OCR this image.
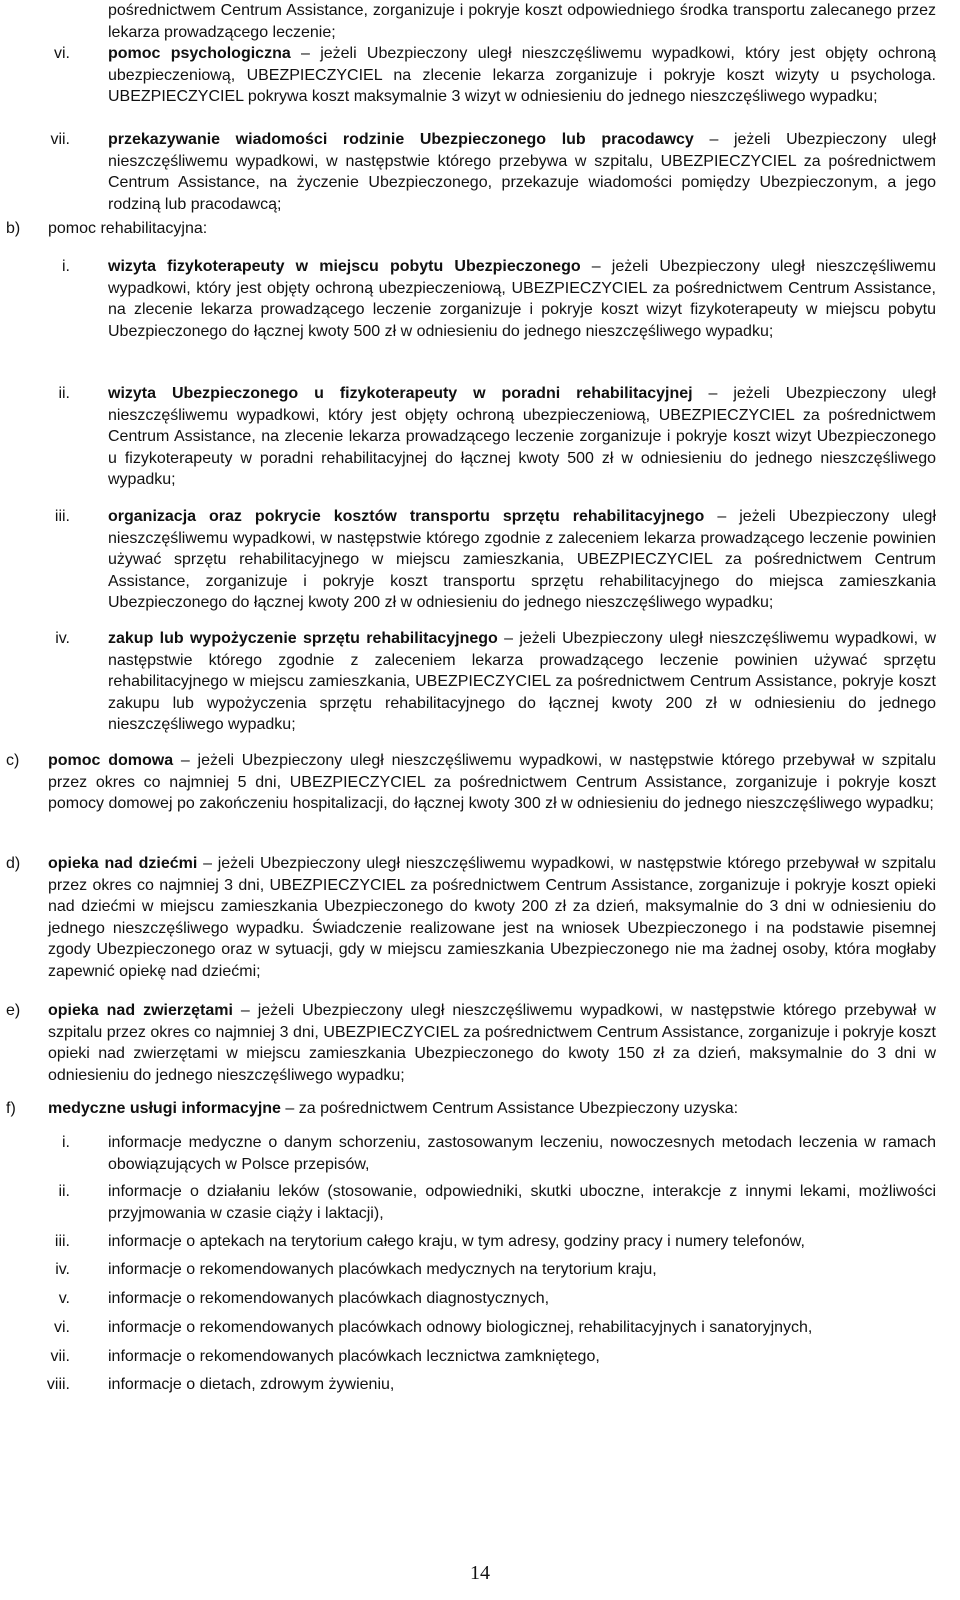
pośrednictwem Centrum Assistance, zorganizuje i pokryje koszt odpowiedniego środka transportu zalecanego przez lekarza prowadzącego leczenie;

vi. pomoc psychologiczna – jeżeli Ubezpieczony uległ nieszczęśliwemu wypadkowi, który jest objęty ochroną ubezpieczeniową, UBEZPIECZYCIEL na zlecenie lekarza zorganizuje i pokryje koszt wizyty u psychologa. UBEZPIECZYCIEL pokrywa koszt maksymalnie 3 wizyt w odniesieniu do jednego nieszczęśliwego wypadku;

vii. przekazywanie wiadomości rodzinie Ubezpieczonego lub pracodawcy – jeżeli Ubezpieczony uległ nieszczęśliwemu wypadkowi, w następstwie którego przebywa w szpitalu, UBEZPIECZYCIEL za pośrednictwem Centrum Assistance, na życzenie Ubezpieczonego, przekazuje wiadomości pomiędzy Ubezpieczonym, a jego rodziną lub pracodawcą;

b)	pomoc rehabilitacyjna:

i. wizyta fizykoterapeuty w miejscu pobytu Ubezpieczonego – jeżeli Ubezpieczony uległ nieszczęśliwemu wypadkowi, który jest objęty ochroną ubezpieczeniową, UBEZPIECZYCIEL za pośrednictwem Centrum Assistance, na zlecenie lekarza prowadzącego leczenie zorganizuje i pokryje koszt wizyt fizykoterapeuty w miejscu pobytu Ubezpieczonego do łącznej kwoty 500 zł w odniesieniu do jednego nieszczęśliwego wypadku;

ii. wizyta Ubezpieczonego u fizykoterapeuty w poradni rehabilitacyjnej – jeżeli Ubezpieczony uległ nieszczęśliwemu wypadkowi, który jest objęty ochroną ubezpieczeniową, UBEZPIECZYCIEL za pośrednictwem Centrum Assistance, na zlecenie lekarza prowadzącego leczenie zorganizuje i pokryje koszt wizyt Ubezpieczonego u fizykoterapeuty w poradni rehabilitacyjnej do łącznej kwoty 500 zł w odniesieniu do jednego nieszczęśliwego wypadku;

iii. organizacja oraz pokrycie kosztów transportu sprzętu rehabilitacyjnego – jeżeli Ubezpieczony uległ nieszczęśliwemu wypadkowi, w następstwie którego zgodnie z zaleceniem lekarza prowadzącego leczenie powinien używać sprzętu rehabilitacyjnego w miejscu zamieszkania, UBEZPIECZYCIEL za pośrednictwem Centrum Assistance, zorganizuje i pokryje koszt transportu sprzętu rehabilitacyjnego do miejsca zamieszkania Ubezpieczonego do łącznej kwoty 200 zł w odniesieniu do jednego nieszczęśliwego wypadku;

iv. zakup lub wypożyczenie sprzętu rehabilitacyjnego – jeżeli Ubezpieczony uległ nieszczęśliwemu wypadkowi, w następstwie którego zgodnie z zaleceniem lekarza prowadzącego leczenie powinien używać sprzętu rehabilitacyjnego w miejscu zamieszkania, UBEZPIECZYCIEL za pośrednictwem Centrum Assistance, pokryje koszt zakupu lub wypożyczenia sprzętu rehabilitacyjnego do łącznej kwoty 200 zł w odniesieniu do jednego nieszczęśliwego wypadku;

c)	pomoc domowa – jeżeli Ubezpieczony uległ nieszczęśliwemu wypadkowi, w następstwie którego przebywał w szpitalu przez okres co najmniej 5 dni, UBEZPIECZYCIEL za pośrednictwem Centrum Assistance, zorganizuje i pokryje koszt pomocy domowej po zakończeniu hospitalizacji, do łącznej kwoty 300 zł w odniesieniu do jednego nieszczęśliwego wypadku;

d)	opieka nad dziećmi – jeżeli Ubezpieczony uległ nieszczęśliwemu wypadkowi, w następstwie którego przebywał w szpitalu przez okres co najmniej 3 dni, UBEZPIECZYCIEL za pośrednictwem Centrum Assistance, zorganizuje i pokryje koszt opieki nad dziećmi w miejscu zamieszkania Ubezpieczonego do kwoty 200 zł za dzień, maksymalnie do 3 dni w odniesieniu do jednego nieszczęśliwego wypadku. Świadczenie realizowane jest na wniosek Ubezpieczonego i na podstawie pisemnej zgody Ubezpieczonego oraz w sytuacji, gdy w miejscu zamieszkania Ubezpieczonego nie ma żadnej osoby, która mogłaby zapewnić opiekę nad dziećmi;

e)	opieka nad zwierzętami – jeżeli Ubezpieczony uległ nieszczęśliwemu wypadkowi, w następstwie którego przebywał w szpitalu przez okres co najmniej 3 dni, UBEZPIECZYCIEL za pośrednictwem Centrum Assistance, zorganizuje i pokryje koszt opieki nad zwierzętami w miejscu zamieszkania Ubezpieczonego do kwoty 150 zł za dzień, maksymalnie do 3 dni w odniesieniu do jednego nieszczęśliwego wypadku;

f)	medyczne usługi informacyjne – za pośrednictwem Centrum Assistance Ubezpieczony uzyska:

i. informacje medyczne o danym schorzeniu, zastosowanym leczeniu, nowoczesnych metodach leczenia w ramach obowiązujących w Polsce przepisów,

ii. informacje o działaniu leków (stosowanie, odpowiedniki, skutki uboczne, interakcje z innymi lekami, możliwości przyjmowania w czasie ciąży i laktacji),

iii. informacje o aptekach na terytorium całego kraju, w tym adresy, godziny pracy i numery telefonów,

iv. informacje o rekomendowanych placówkach medycznych na terytorium kraju,

v. informacje o rekomendowanych placówkach diagnostycznych,

vi. informacje o rekomendowanych placówkach odnowy biologicznej, rehabilitacyjnych i sanatoryjnych,

vii. informacje o rekomendowanych placówkach lecznictwa zamkniętego,

viii. informacje o dietach, zdrowym żywieniu,

14
